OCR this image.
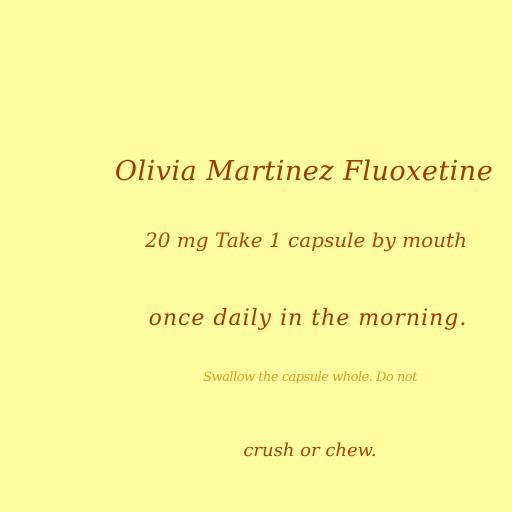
Olivia Martinez Fluoxetine
20 mg Take 1 capsule by mouth
once daily in the morning.
Swallow the capsule whole. Do not
crush or chew.
